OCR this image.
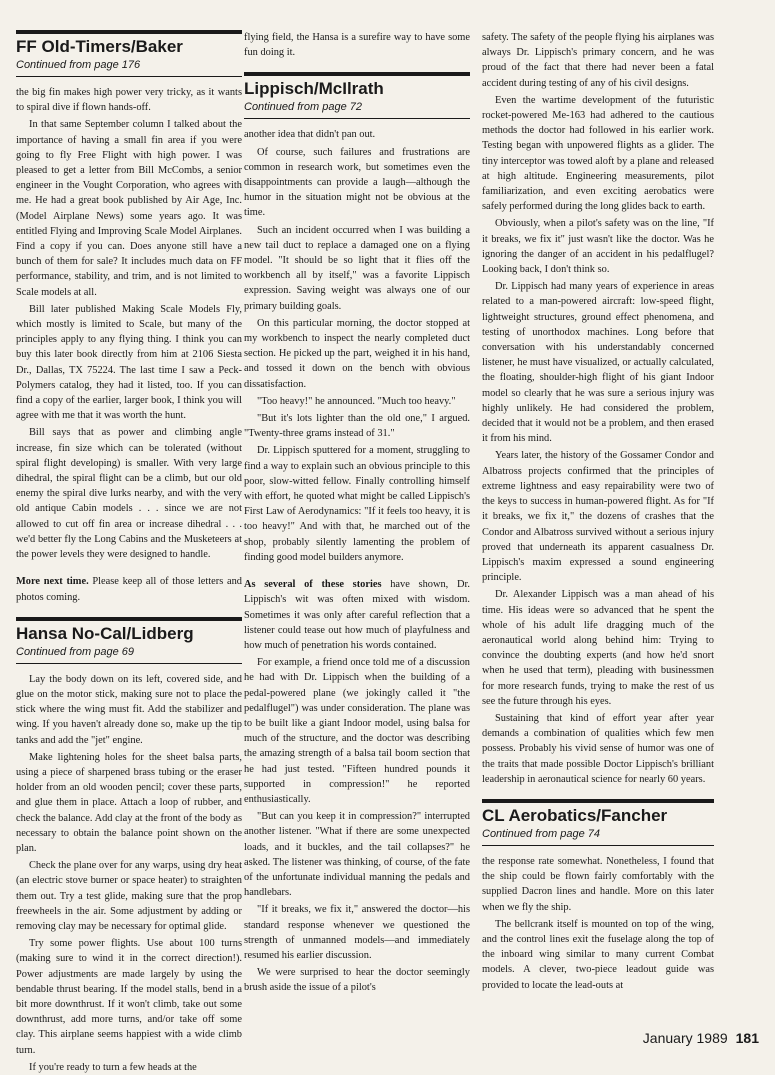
FF Old-Timers/Baker
Continued from page 176

the big fin makes high power very tricky, as it wants to spiral dive if flown hands-off.

In that same September column I talked about the importance of having a small fin area if you were going to fly Free Flight with high power. I was pleased to get a letter from Bill McCombs, a senior engineer in the Vought Corporation, who agrees with me. He had a great book published by Air Age, Inc. (Model Airplane News) some years ago. It was entitled Flying and Improving Scale Model Airplanes. Find a copy if you can. Does anyone still have a bunch of them for sale? It includes much data on FF performance, stability, and trim, and is not limited to Scale models at all.

Bill later published Making Scale Models Fly, which mostly is limited to Scale, but many of the principles apply to any flying thing. I think you can buy this later book directly from him at 2106 Siesta Dr., Dallas, TX 75224. The last time I saw a Peck-Polymers catalog, they had it listed, too. If you can find a copy of the earlier, larger book, I think you will agree with me that it was worth the hunt.

Bill says that as power and climbing angle increase, fin size which can be tolerated (without spiral flight developing) is smaller. With very large dihedral, the spiral flight can be a climb, but our old enemy the spiral dive lurks nearby, and with the very old antique Cabin models . . . since we are not allowed to cut off fin area or increase dihedral . . . we'd better fly the Long Cabins and the Musketeers at the power levels they were designed to handle.

More next time. Please keep all of those letters and photos coming.

Hansa No-Cal/Lidberg
Continued from page 69

Lay the body down on its left, covered side, and glue on the motor stick, making sure not to place the stick where the wing must fit. Add the stabilizer and wing. If you haven't already done so, make up the tip tanks and add the "jet" engine.

Make lightening holes for the sheet balsa parts, using a piece of sharpened brass tubing or the eraser holder from an old wooden pencil; cover these parts, and glue them in place. Attach a loop of rubber, and check the balance. Add clay at the front of the body as necessary to obtain the balance point shown on the plan.

Check the plane over for any warps, using dry heat (an electric stove burner or space heater) to straighten them out. Try a test glide, making sure that the prop freewheels in the air. Some adjustment by adding or removing clay may be necessary for optimal glide.

Try some power flights. Use about 100 turns (making sure to wind it in the correct direction!). Power adjustments are made largely by using the bendable thrust bearing. If the model stalls, bend in a bit more downthrust. If it won't climb, take out some downthrust, add more turns, and/or take off some clay. This airplane seems happiest with a wide climb turn.

If you're ready to turn a few heads at the

flying field, the Hansa is a surefire way to have some fun doing it.

Lippisch/McIlrath
Continued from page 72

another idea that didn't pan out.

Of course, such failures and frustrations are common in research work, but sometimes even the disappointments can provide a laugh—although the humor in the situation might not be obvious at the time.

Such an incident occurred when I was building a new tail duct to replace a damaged one on a flying model. "It should be so light that it flies off the workbench all by itself," was a favorite Lippisch expression. Saving weight was always one of our primary building goals.

On this particular morning, the doctor stopped at my workbench to inspect the nearly completed duct section. He picked up the part, weighed it in his hand, and tossed it down on the bench with obvious dissatisfaction.

"Too heavy!" he announced. "Much too heavy."

"But it's lots lighter than the old one," I argued. "Twenty-three grams instead of 31."

Dr. Lippisch sputtered for a moment, struggling to find a way to explain such an obvious principle to this poor, slow-witted fellow. Finally controlling himself with effort, he quoted what might be called Lippisch's First Law of Aerodynamics: "If it feels too heavy, it is too heavy!" And with that, he marched out of the shop, probably silently lamenting the problem of finding good model builders anymore.

As several of these stories have shown, Dr. Lippisch's wit was often mixed with wisdom. Sometimes it was only after careful reflection that a listener could tease out how much of playfulness and how much of penetration his words contained.

For example, a friend once told me of a discussion he had with Dr. Lippisch when the building of a pedal-powered plane (we jokingly called it "the pedalflugel") was under consideration. The plane was to be built like a giant Indoor model, using balsa for much of the structure, and the doctor was describing the amazing strength of a balsa tail boom section that he had just tested. "Fifteen hundred pounds it supported in compression!" he reported enthusiastically.

"But can you keep it in compression?" interrupted another listener. "What if there are some unexpected loads, and it buckles, and the tail collapses?" he asked. The listener was thinking, of course, of the fate of the unfortunate individual manning the pedals and handlebars.

"If it breaks, we fix it," answered the doctor—his standard response whenever we questioned the strength of unmanned models—and immediately resumed his earlier discussion.

We were surprised to hear the doctor seemingly brush aside the issue of a pilot's

safety. The safety of the people flying his airplanes was always Dr. Lippisch's primary concern, and he was proud of the fact that there had never been a fatal accident during testing of any of his civil designs.

Even the wartime development of the futuristic rocket-powered Me-163 had adhered to the cautious methods the doctor had followed in his earlier work. Testing began with unpowered flights as a glider. The tiny interceptor was towed aloft by a plane and released at high altitude. Engineering measurements, pilot familiarization, and even exciting aerobatics were safely performed during the long glides back to earth.

Obviously, when a pilot's safety was on the line, "If it breaks, we fix it" just wasn't like the doctor. Was he ignoring the danger of an accident in his pedalflugel? Looking back, I don't think so.

Dr. Lippisch had many years of experience in areas related to a man-powered aircraft: low-speed flight, lightweight structures, ground effect phenomena, and testing of unorthodox machines. Long before that conversation with his understandably concerned listener, he must have visualized, or actually calculated, the floating, shoulder-high flight of his giant Indoor model so clearly that he was sure a serious injury was highly unlikely. He had considered the problem, decided that it would not be a problem, and then erased it from his mind.

Years later, the history of the Gossamer Condor and Albatross projects confirmed that the principles of extreme lightness and easy repairability were two of the keys to success in human-powered flight. As for "If it breaks, we fix it," the dozens of crashes that the Condor and Albatross survived without a serious injury proved that underneath its apparent casualness Dr. Lippisch's maxim expressed a sound engineering principle.

Dr. Alexander Lippisch was a man ahead of his time. His ideas were so advanced that he spent the whole of his adult life dragging much of the aeronautical world along behind him: Trying to convince the doubting experts (and how he'd snort when he used that term), pleading with businessmen for more research funds, trying to make the rest of us see the future through his eyes.

Sustaining that kind of effort year after year demands a combination of qualities which few men possess. Probably his vivid sense of humor was one of the traits that made possible Doctor Lippisch's brilliant leadership in aeronautical science for nearly 60 years.

CL Aerobatics/Fancher
Continued from page 74

the response rate somewhat. Nonetheless, I found that the ship could be flown fairly comfortably with the supplied Dacron lines and handle. More on this later when we fly the ship.

The bellcrank itself is mounted on top of the wing, and the control lines exit the fuselage along the top of the inboard wing similar to many current Combat models. A clever, two-piece leadout guide was provided to locate the lead-outs at

January 1989 181
